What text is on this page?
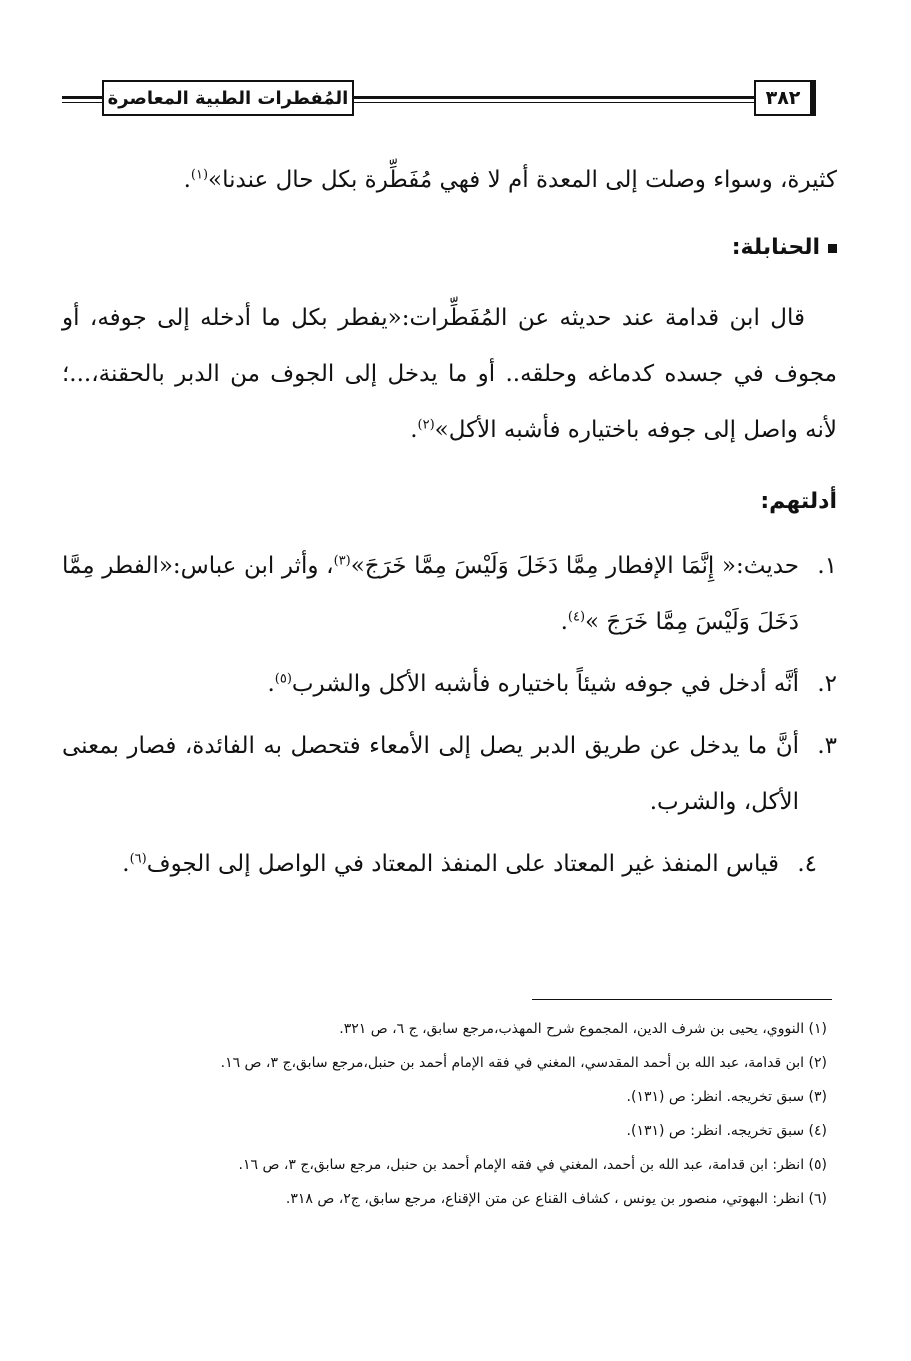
المُفطرات الطبية المعاصرة	٣٨٢

كثيرة، وسواء وصلت إلى المعدة أم لا فهي مُفَطِّرة بكل حال عندنا»$^{(١)}$.

الحنابلة:

قال ابن قدامة عند حديثه عن المُفَطِّرات:«يفطر بكل ما أدخله إلى جوفه، أو مجوف في جسده كدماغه وحلقه.. أو ما يدخل إلى الجوف من الدبر بالحقنة،...؛ لأنه واصل إلى جوفه باختياره فأشبه الأكل»$^{(٢)}$.

أدلتهم:

١.
حديث:« إِنَّمَا الإفطار مِمَّا دَخَلَ وَلَيْسَ مِمَّا خَرَجَ»$^{(٣)}$، وأثر ابن عباس:«الفطر مِمَّا دَخَلَ وَلَيْسَ مِمَّا خَرَجَ »$^{(٤)}$.
٢.
أنَّه أدخل في جوفه شيئاً باختياره فأشبه الأكل والشرب$^{(٥)}$.
٣.
أنَّ ما يدخل عن طريق الدبر يصل إلى الأمعاء فتحصل به الفائدة، فصار بمعنى الأكل، والشرب.
٤.
قياس المنفذ غير المعتاد على المنفذ المعتاد في الواصل إلى الجوف$^{(٦)}$.

(١) النووي، يحيى بن شرف الدين، المجموع شرح المهذب،مرجع سابق، ج ٦، ص ٣٢١.

(٢) ابن قدامة، عبد الله بن أحمد المقدسي، المغني في فقه الإمام أحمد بن حنبل،مرجع سابق،ج ٣، ص ١٦.

(٣) سبق تخريجه. انظر: ص (١٣١).

(٤) سبق تخريجه. انظر: ص (١٣١).

(٥) انظر: ابن قدامة، عبد الله بن أحمد، المغني في فقه الإمام أحمد بن حنبل، مرجع سابق،ج ٣، ص ١٦.

(٦) انظر: البهوتي، منصور بن يونس ، كشاف القناع عن متن الإقناع، مرجع سابق، ج٢، ص ٣١٨.
